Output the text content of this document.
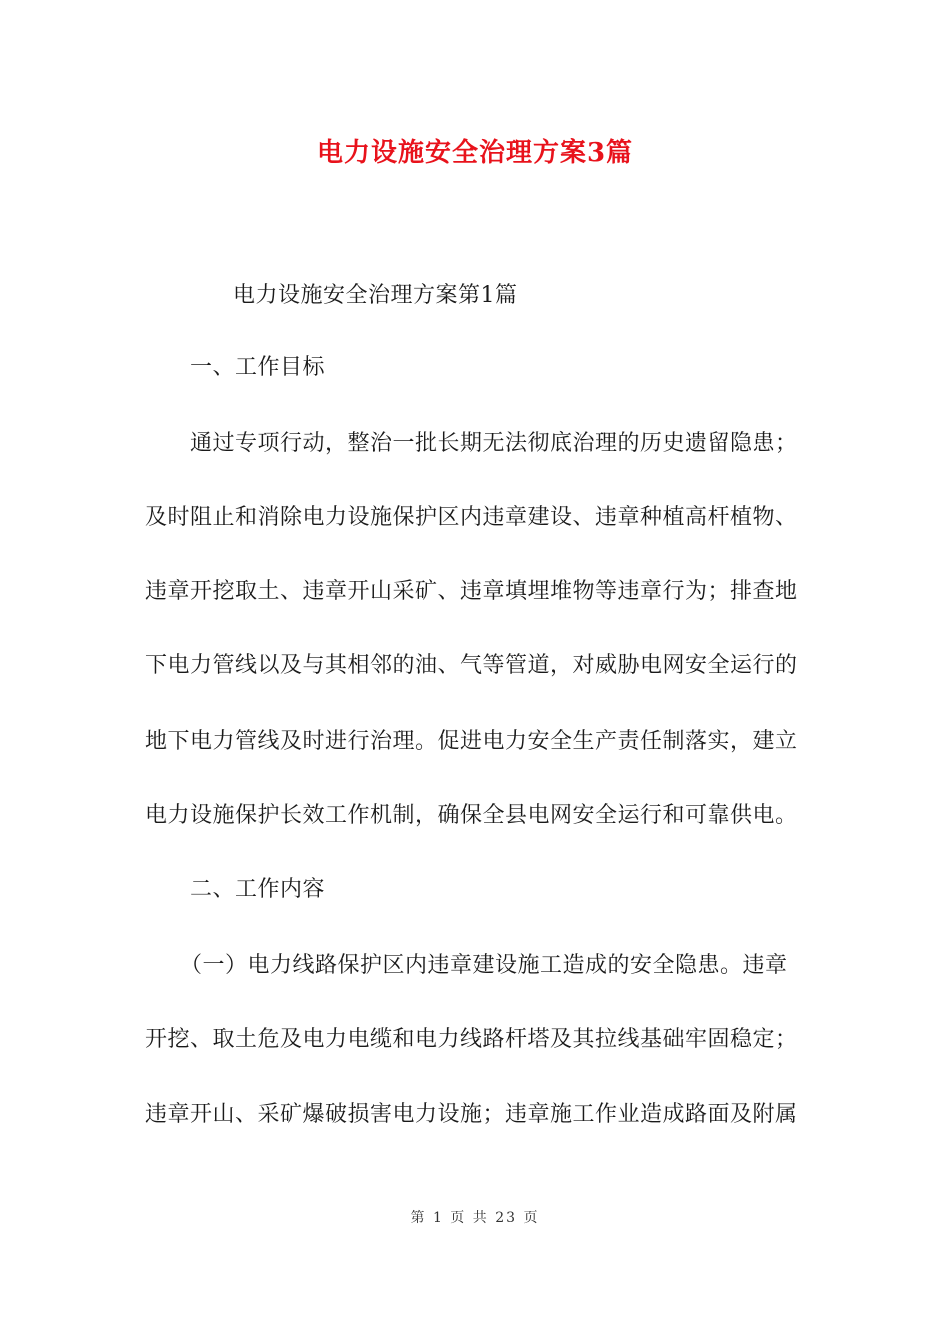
电力设施安全治理方案3篇

电力设施安全治理方案第1篇

一、工作目标

通过专项行动，整治一批长期无法彻底治理的历史遗留隐患；

及时阻止和消除电力设施保护区内违章建设、违章种植高杆植物、

违章开挖取土、违章开山采矿、违章填埋堆物等违章行为；排查地

下电力管线以及与其相邻的油、气等管道，对威胁电网安全运行的

地下电力管线及时进行治理。促进电力安全生产责任制落实，建立

电力设施保护长效工作机制，确保全县电网安全运行和可靠供电。

二、工作内容

（一）电力线路保护区内违章建设施工造成的安全隐患。违章

开挖、取土危及电力电缆和电力线路杆塔及其拉线基础牢固稳定；

违章开山、采矿爆破损害电力设施；违章施工作业造成路面及附属

第 1 页 共 23 页
